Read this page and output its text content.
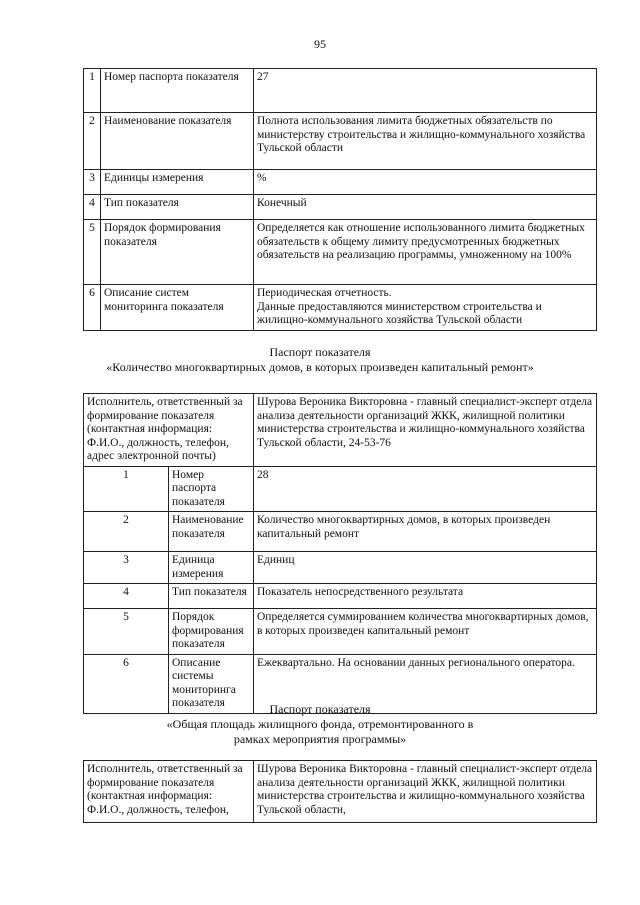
95
1	Номер паспорта показателя	27
2	Наименование показателя	Полнота использования лимита бюджетных обязательств по министерству строительства и жилищно-коммунального хозяйства Тульской области
3	Единицы измерения	%
4	Тип показателя	Конечный
5	Порядок формирования показателя	Определяется как отношение использованного лимита бюджетных обязательств к общему лимиту предусмотренных бюджетных обязательств на реализацию программы, умноженному на 100%
6	Описание систем мониторинга показателя	Периодическая отчетность.
Данные предоставляются министерством строительства и жилищно-коммунального хозяйства Тульской области
Паспорт показателя
«Количество многоквартирных домов, в которых произведен капитальный ремонт»
Исполнитель, ответственный за формирование показателя (контактная информация: Ф.И.О., должность, телефон, адрес электронной почты)		Шурова Вероника Викторовна - главный специалист-эксперт отдела анализа деятельности организаций ЖКК, жилищной политики министерства строительства и жилищно-коммунального хозяйства Тульской области, 24-53-76
1	Номер паспорта показателя	28
2	Наименование показателя	Количество многоквартирных домов, в которых произведен капитальный ремонт
3	Единица измерения	Единиц
4	Тип показателя	Показатель непосредственного результата
5	Порядок формирования показателя	Определяется суммированием количества многоквартирных домов, в которых произведен капитальный ремонт
6	Описание системы мониторинга показателя	Ежеквартально. На основании данных регионального оператора.
Паспорт показателя
«Общая площадь жилищного фонда, отремонтированного в рамках мероприятия программы»
Исполнитель, ответственный за формирование показателя (контактная информация: Ф.И.О., должность, телефон,	Шурова Вероника Викторовна - главный специалист-эксперт отдела анализа деятельности организаций ЖКК, жилищной политики министерства строительства и жилищно-коммунального хозяйства Тульской области,
